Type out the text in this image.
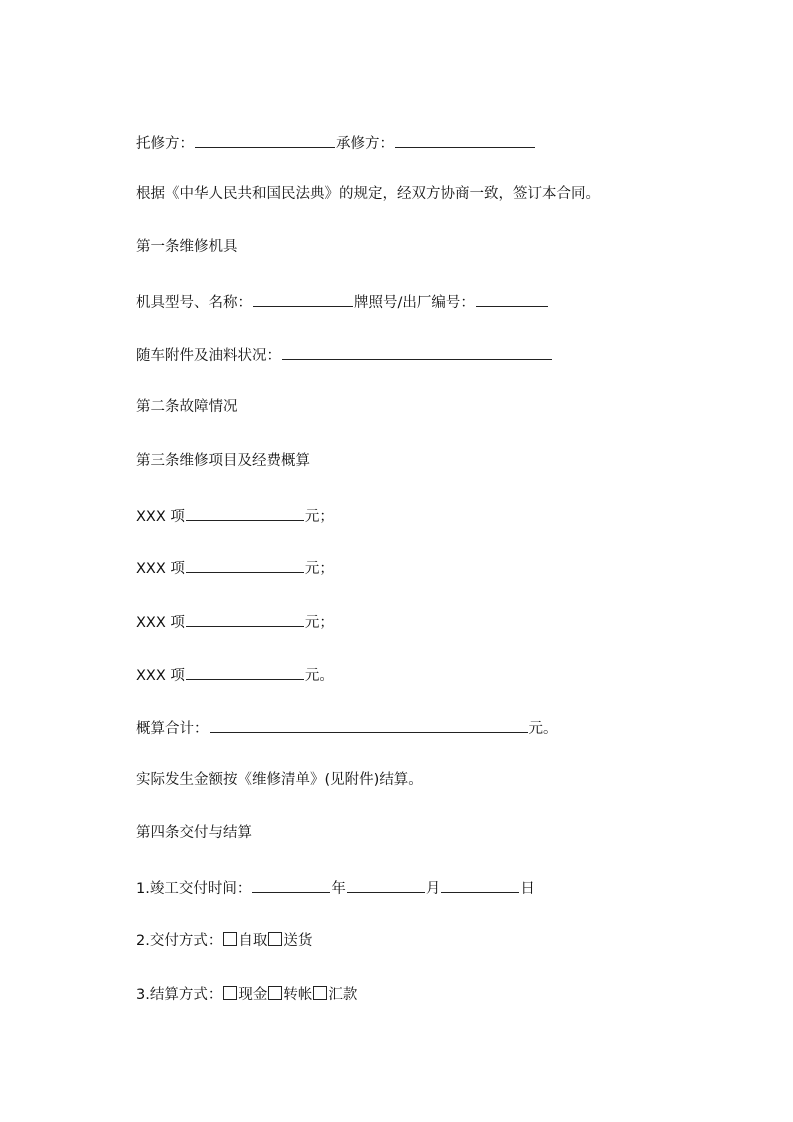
托修方：	承修方：
根据《中华人民共和国民法典》的规定，经双方协商一致，签订本合同。
第一条维修机具
机具型号、名称：	牌照号/出厂编号：
随车附件及油料状况：
第二条故障情况
第三条维修项目及经费概算
XXX 项	元；
XXX 项	元；
XXX 项	元；
XXX 项	元。
概算合计：	元。
实际发生金额按《维修清单》(见附件)结算。
第四条交付与结算
1.竣工交付时间：	年	月	日
2.交付方式： 自取 送货
3.结算方式： 现金 转帐 汇款
